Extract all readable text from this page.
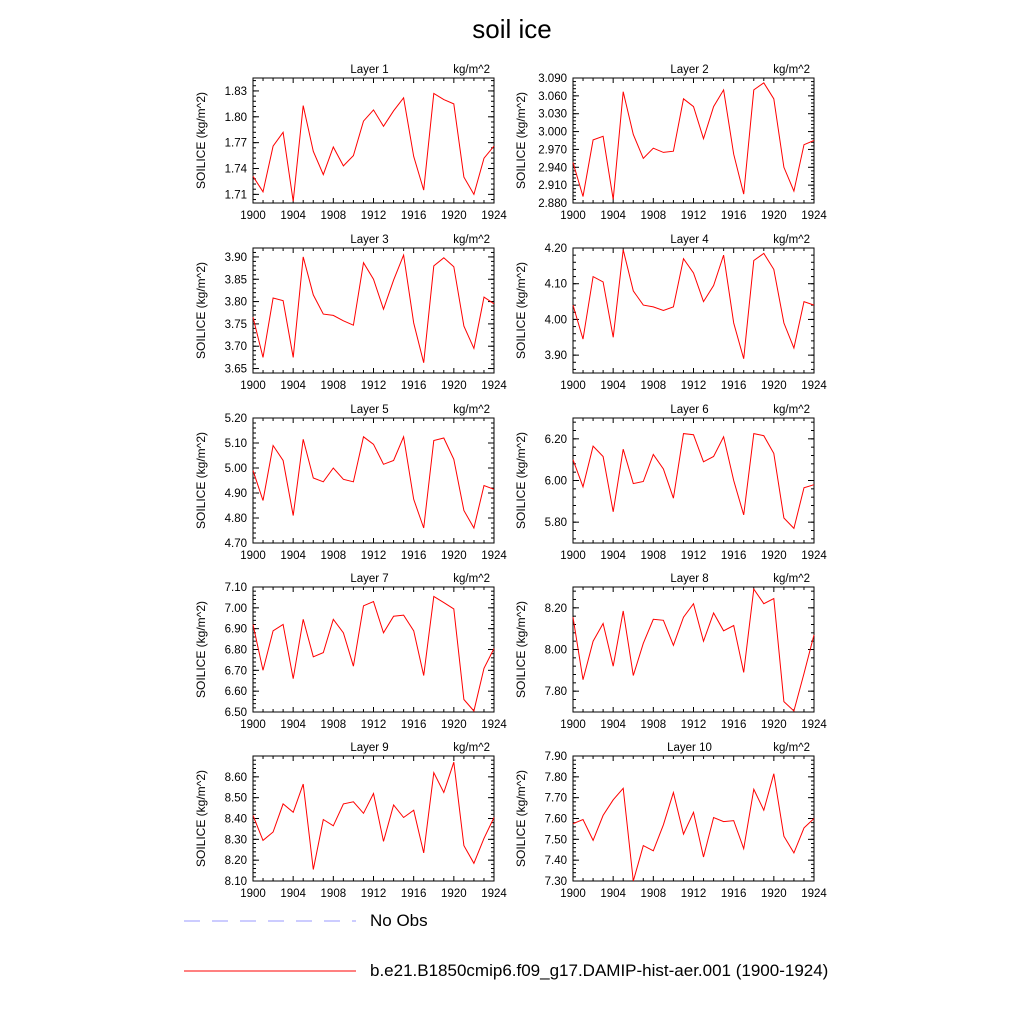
soil ice
1900 1904 1908 1912 1916 1920 1924
1.71
1.74
1.77
1.80
1.83
SOILICE (kg/m^2)
Layer 1	kg/m^2
1900 1904 1908 1912 1916 1920 1924
2.880
2.910
2.940
2.970
3.000
3.030
3.060
3.090
SOILICE (kg/m^2)
Layer 2	kg/m^2
1900 1904 1908 1912 1916 1920 1924
3.65
3.70
3.75
3.80
3.85
3.90
SOILICE (kg/m^2)
Layer 3	kg/m^2
1900 1904 1908 1912 1916 1920 1924
3.90
4.00
4.10
4.20
SOILICE (kg/m^2)
Layer 4	kg/m^2
1900 1904 1908 1912 1916 1920 1924
4.70
4.80
4.90
5.00
5.10
5.20
SOILICE (kg/m^2)
Layer 5	kg/m^2
1900 1904 1908 1912 1916 1920 1924
5.80
6.00
6.20
SOILICE (kg/m^2)
Layer 6	kg/m^2
1900 1904 1908 1912 1916 1920 1924
6.50
6.60
6.70
6.80
6.90
7.00
7.10
SOILICE (kg/m^2)
Layer 7	kg/m^2
1900 1904 1908 1912 1916 1920 1924
7.80
8.00
8.20
SOILICE (kg/m^2)
Layer 8	kg/m^2
1900 1904 1908 1912 1916 1920 1924
8.10
8.20
8.30
8.40
8.50
8.60
SOILICE (kg/m^2)
Layer 9	kg/m^2
1900 1904 1908 1912 1916 1920 1924
7.30
7.40
7.50
7.60
7.70
7.80
7.90
SOILICE (kg/m^2)
Layer 10	kg/m^2
No Obs
b.e21.B1850cmip6.f09_g17.DAMIP-hist-aer.001 (1900-1924)
